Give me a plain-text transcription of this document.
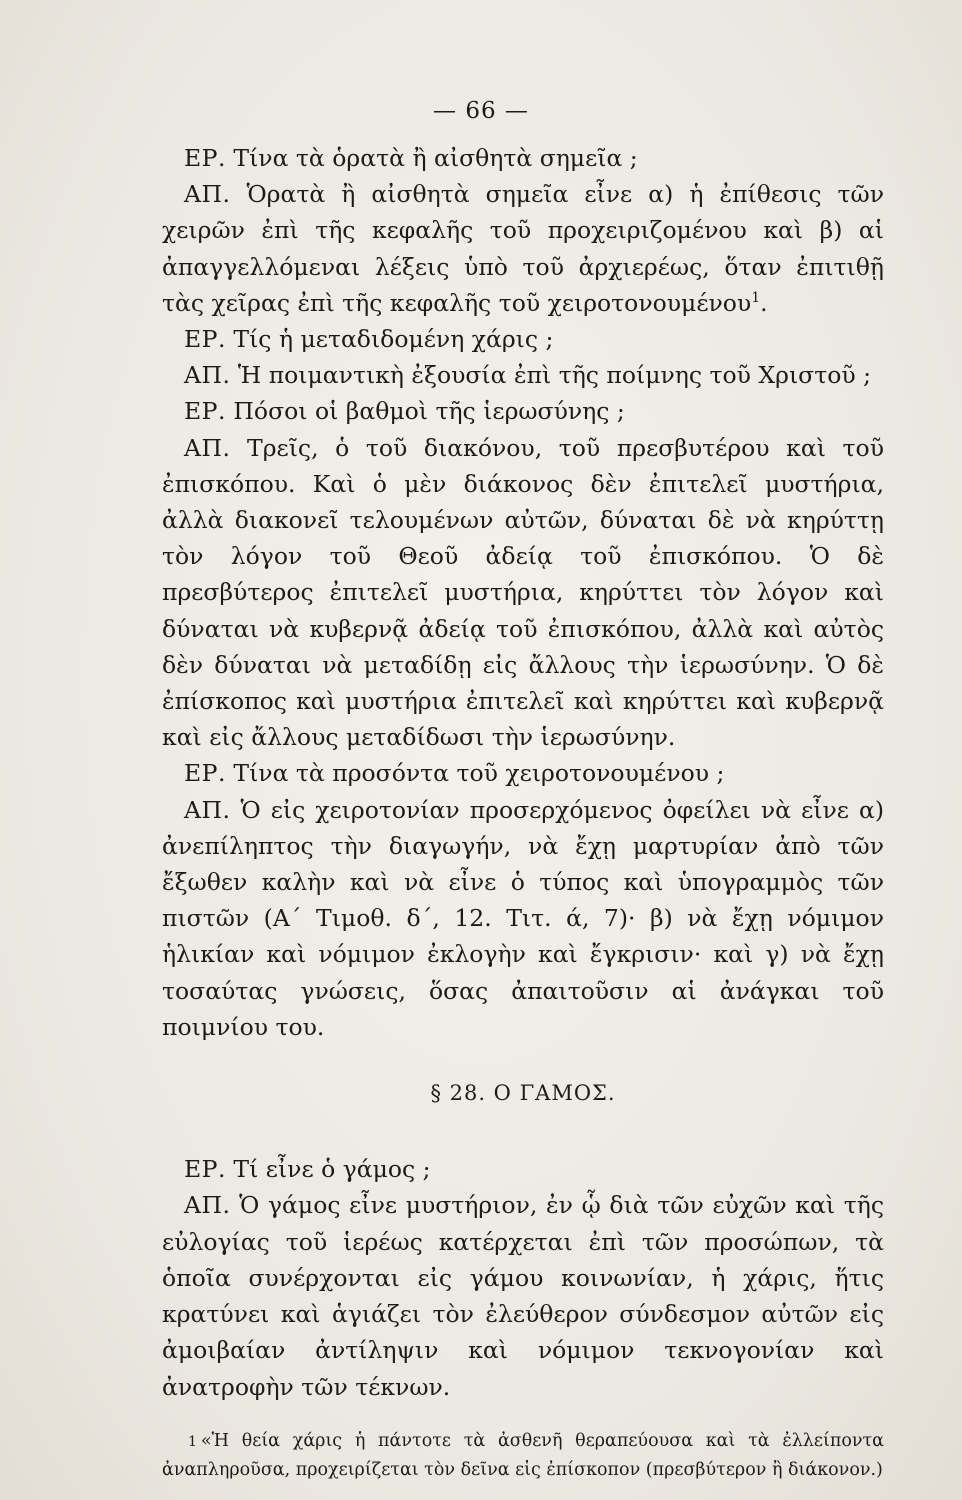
— 66 —

ΕΡ. Τίνα τὰ ὁρατὰ ἢ αἰσθητὰ σημεῖα ;

ΑΠ. Ὁρατὰ ἢ αἰσθητὰ σημεῖα εἶνε α) ἡ ἐπίθεσις τῶν χειρῶν ἐπὶ τῆς κεφαλῆς τοῦ προχειριζομένου καὶ β) αἱ ἀπαγγελλόμεναι λέξεις ὑπὸ τοῦ ἀρχιερέως, ὅταν ἐπιτιθῇ τὰς χεῖρας ἐπὶ τῆς κεφαλῆς τοῦ χειροτονουμένου$^1$.

ΕΡ. Τίς ἡ μεταδιδομένη χάρις ;

ΑΠ. Ἡ ποιμαντικὴ ἐξουσία ἐπὶ τῆς ποίμνης τοῦ Χριστοῦ ;

ΕΡ. Πόσοι οἱ βαθμοὶ τῆς ἱερωσύνης ;

ΑΠ. Τρεῖς, ὁ τοῦ διακόνου, τοῦ πρεσβυτέρου καὶ τοῦ ἐπισκόπου. Καὶ ὁ μὲν διάκονος δὲν ἐπιτελεῖ μυστήρια, ἀλλὰ διακονεῖ τελουμένων αὐτῶν, δύναται δὲ νὰ κηρύττῃ τὸν λόγον τοῦ Θεοῦ ἀδείᾳ τοῦ ἐπισκόπου. Ὁ δὲ πρεσβύτερος ἐπιτελεῖ μυστήρια, κηρύττει τὸν λόγον καὶ δύναται νὰ κυβερνᾷ ἀδείᾳ τοῦ ἐπισκόπου, ἀλλὰ καὶ αὐτὸς δὲν δύναται νὰ μεταδίδῃ εἰς ἄλλους τὴν ἱερωσύνην. Ὁ δὲ ἐπίσκοπος καὶ μυστήρια ἐπιτελεῖ καὶ κηρύττει καὶ κυβερνᾷ καὶ εἰς ἄλλους μεταδίδωσι τὴν ἱερωσύνην.

ΕΡ. Τίνα τὰ προσόντα τοῦ χειροτονουμένου ;

ΑΠ. Ὁ εἰς χειροτονίαν προσερχόμενος ὀφείλει νὰ εἶνε α) ἀνεπίληπτος τὴν διαγωγήν, νὰ ἔχῃ μαρτυρίαν ἀπὸ τῶν ἔξωθεν καλὴν καὶ νὰ εἶνε ὁ τύπος καὶ ὑπογραμμὸς τῶν πιστῶν (Α΄ Τιμοθ. δ΄, 12. Τιτ. ά, 7)· β) νὰ ἔχῃ νόμιμον ἡλικίαν καὶ νόμιμον ἐκλογὴν καὶ ἔγκρισιν· καὶ γ) νὰ ἔχῃ τοσαύτας γνώσεις, ὅσας ἀπαιτοῦσιν αἱ ἀνάγκαι τοῦ ποιμνίου του.

§ 28. Ο ΓΑΜΟΣ.

ΕΡ. Τί εἶνε ὁ γάμος ;

ΑΠ. Ὁ γάμος εἶνε μυστήριον, ἐν ᾧ διὰ τῶν εὐχῶν καὶ τῆς εὐλογίας τοῦ ἱερέως κατέρχεται ἐπὶ τῶν προσώπων, τὰ ὁποῖα συνέρχονται εἰς γάμου κοινωνίαν, ἡ χάρις, ἥτις κρατύνει καὶ ἁγιάζει τὸν ἐλεύθερον σύνδεσμον αὐτῶν εἰς ἀμοιβαίαν ἀντίληψιν καὶ νόμιμον τεκνογονίαν καὶ ἀνατροφὴν τῶν τέκνων.

1 «Ἡ θεία χάρις ἡ πάντοτε τὰ ἀσθενῆ θεραπεύουσα καὶ τὰ ἐλλείποντα ἀναπληροῦσα, προχειρίζεται τὸν δεῖνα εἰς ἐπίσκοπον (πρεσβύτερον ἢ διάκονον.)
